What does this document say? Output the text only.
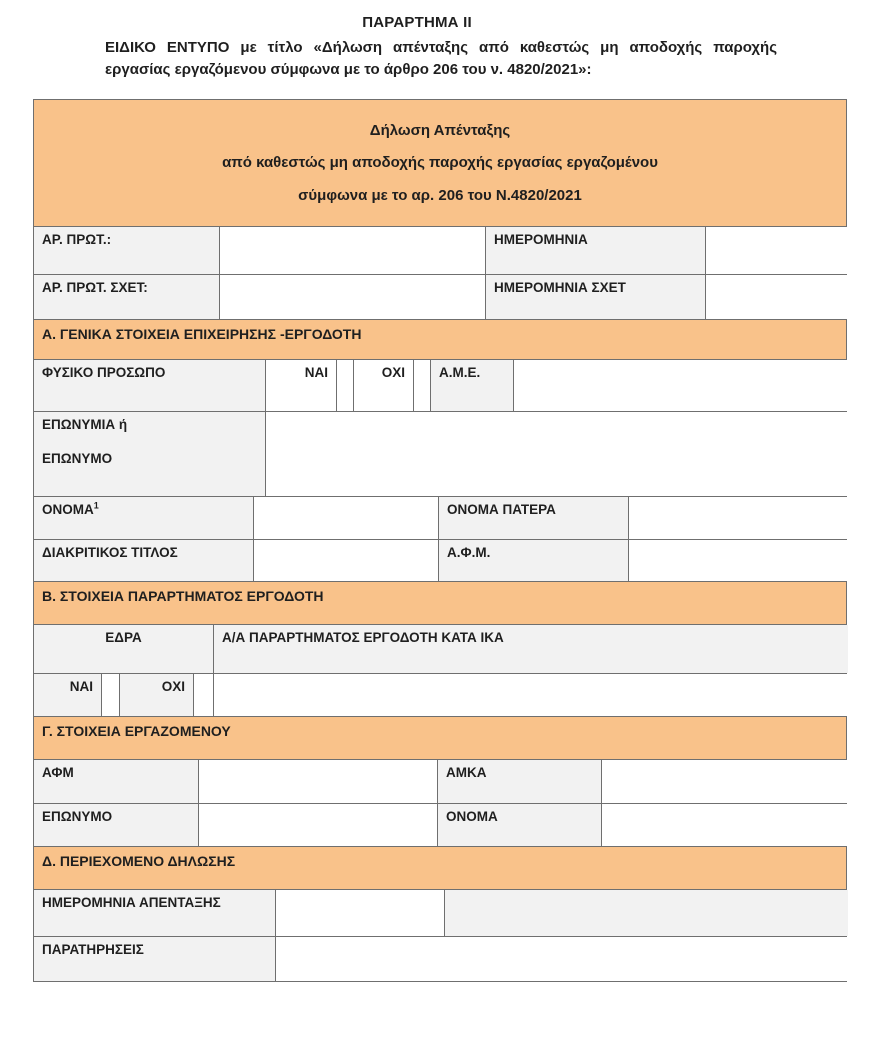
ΠΑΡΑΡΤΗΜΑ ΙΙ
ΕΙΔΙΚΟ ΕΝΤΥΠΟ με τίτλο «Δήλωση απένταξης από καθεστώς μη αποδοχής παροχής
εργασίας εργαζόμενου σύμφωνα με το άρθρο 206 του ν. 4820/2021»:
Δήλωση Απένταξης
από καθεστώς μη αποδοχής παροχής εργασίας εργαζομένου
σύμφωνα με το αρ. 206 του Ν.4820/2021
ΑΡ. ΠΡΩΤ.:	ΗΜΕΡΟΜΗΝΙΑ
ΑΡ. ΠΡΩΤ. ΣΧΕΤ:	ΗΜΕΡΟΜΗΝΙΑ ΣΧΕΤ
Α. ΓΕΝΙΚΑ ΣΤΟΙΧΕΙΑ ΕΠΙΧΕΙΡΗΣΗΣ -ΕΡΓΟΔΟΤΗ
ΦΥΣΙΚΟ ΠΡΟΣΩΠΟ	ΝΑΙ	ΟΧΙ	Α.Μ.Ε.
ΕΠΩΝΥΜΙΑ ή
ΕΠΩΝΥΜΟ
ΟΝΟΜΑ$^1$	ΟΝΟΜΑ ΠΑΤΕΡΑ
ΔΙΑΚΡΙΤΙΚΟΣ ΤΙΤΛΟΣ	Α.Φ.Μ.
Β. ΣΤΟΙΧΕΙΑ ΠΑΡΑΡΤΗΜΑΤΟΣ ΕΡΓΟΔΟΤΗ
ΕΔΡΑ	Α/Α ΠΑΡΑΡΤΗΜΑΤΟΣ ΕΡΓΟΔΟΤΗ ΚΑΤΑ ΙΚΑ
ΝΑΙ	ΟΧΙ
Γ. ΣΤΟΙΧΕΙΑ ΕΡΓΑΖΟΜΕΝΟΥ
ΑΦΜ	ΑΜΚΑ
ΕΠΩΝΥΜΟ	ΟΝΟΜΑ
Δ. ΠΕΡΙΕΧΟΜΕΝΟ ΔΗΛΩΣΗΣ
ΗΜΕΡΟΜΗΝΙΑ ΑΠΕΝΤΑΞΗΣ
ΠΑΡΑΤΗΡΗΣΕΙΣ
